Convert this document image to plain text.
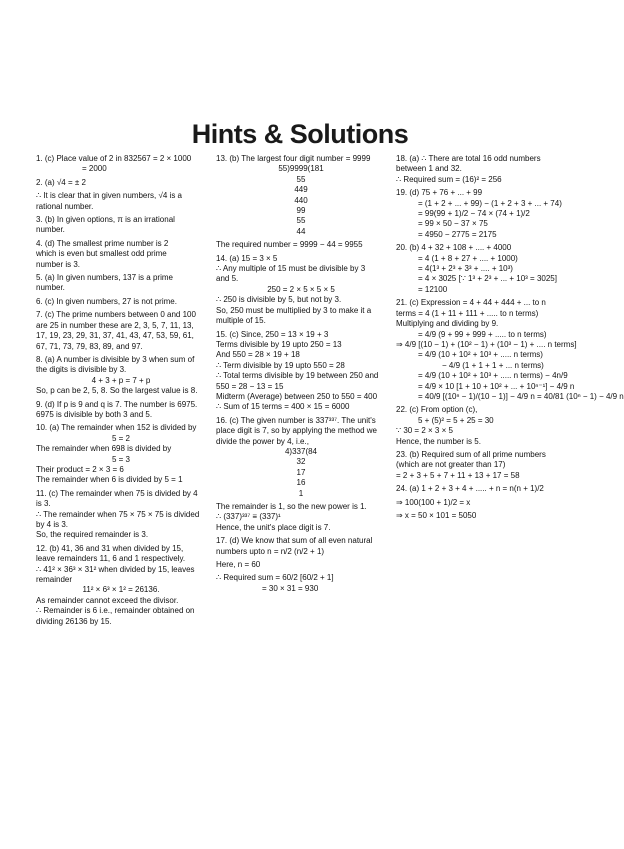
Hints & Solutions
1. (c) Place value of 2 in 832567 = 2 × 1000
= 2000
2. (a) √4 = ± 2
∴ It is clear that in given numbers, √4 is a
rational number.
3. (b) In given options, π is an irrational
number.
4. (d) The smallest prime number is 2
which is even but smallest odd prime
number is 3.
5. (a) In given numbers, 137 is a prime
number.
6. (c) In given numbers, 27 is not prime.
7. (c) The prime numbers between 0 and 100
are 25 in number these are 2, 3, 5, 7, 11, 13,
17, 19, 23, 29, 31, 37, 41, 43, 47, 53, 59, 61,
67, 71, 73, 79, 83, 89, and 97.
8. (a) A number is divisible by 3 when sum of
the digits is divisible by 3.
4 + 3 + p = 7 + p
So, p can be 2, 5, 8. So the largest value is 8.
9. (d) If p is 9 and q is 7. The number is 6975.
6975 is divisible by both 3 and 5.
10. (a) The remainder when 152 is divided by
5 = 2
The remainder when 698 is divided by
5 = 3
Their product = 2 × 3 = 6
The remainder when 6 is divided by 5 = 1
11. (c) The remainder when 75 is divided by 4
is 3.
∴ The remainder when 75 × 75 × 75 is divided
by 4 is 3.
So, the required remainder is 3.
12. (b) 41, 36 and 31 when divided by 15,
leave remainders 11, 6 and 1 respectively.
∴ 41² × 36³ × 31² when divided by 15, leaves
remainder
11² × 6³ × 1² = 26136.
As remainder cannot exceed the divisor.
∴ Remainder is 6 i.e., remainder obtained on
dividing 26136 by 15.
13. (b) The largest four digit number = 9999
55)9999(181
55
449
440
99
55
44
The required number = 9999 − 44 = 9955
14. (a) 15 = 3 × 5
∴ Any multiple of 15 must be divisible by 3
and 5.
250 = 2 × 5 × 5 × 5
∴ 250 is divisible by 5, but not by 3.
So, 250 must be multiplied by 3 to make it a
multiple of 15.
15. (c) Since, 250 = 13 × 19 + 3
Terms divisible by 19 upto 250 = 13
And 550 = 28 × 19 + 18
∴ Term divisible by 19 upto 550 = 28
∴ Total terms divisible by 19 between 250 and
550 = 28 − 13 = 15
Midterm (Average) between 250 to 550 = 400
∴ Sum of 15 terms = 400 × 15 = 6000
16. (c) The given number is 337³³⁷. The unit's
place digit is 7, so by applying the method we
divide the power by 4, i.e.,
4)337(84
32
17
16
1
The remainder is 1, so the new power is 1.
∴ (337)³³⁷ ≡ (337)¹
Hence, the unit's place digit is 7.
17. (d) We know that sum of all even natural
numbers upto n = n/2 (n/2 + 1)
Here, n = 60
∴ Required sum = 60/2 [60/2 + 1]
= 30 × 31 = 930
18. (a) ∴ There are total 16 odd numbers
between 1 and 32.
∴ Required sum = (16)² = 256
19. (d) 75 + 76 + ... + 99
= (1 + 2 + ... + 99) − (1 + 2 + 3 + ... + 74)
= 99(99 + 1)/2 − 74 × (74 + 1)/2
= 99 × 50 − 37 × 75
= 4950 − 2775 = 2175
20. (b) 4 + 32 + 108 + .... + 4000
= 4 (1 + 8 + 27 + .... + 1000)
= 4(1³ + 2³ + 3³ + .... + 10³)
= 4 × 3025 [∵ 1³ + 2³ + ... + 10³ = 3025]
= 12100
21. (c) Expression = 4 + 44 + 444 + ... to n
terms = 4 (1 + 11 + 111 + ..... to n terms)
Multiplying and dividing by 9.
= 4/9 (9 + 99 + 999 + ..... to n terms)
⇒ 4/9 [(10 − 1) + (10² − 1) + (10³ − 1) + .... n terms]
= 4/9 (10 + 10² + 10³ + ..... n terms)
− 4/9 (1 + 1 + 1 + ... n terms)
= 4/9 (10 + 10² + 10³ + ..... n terms) − 4n/9
= 4/9 × 10 [1 + 10 + 10² + ... + 10ⁿ⁻¹] − 4/9 n
= 40/9 [(10ⁿ − 1)/(10 − 1)] − 4/9 n = 40/81 (10ⁿ − 1) − 4/9 n
22. (c) From option (c),
5 + (5)² = 5 + 25 = 30
∵ 30 = 2 × 3 × 5
Hence, the number is 5.
23. (b) Required sum of all prime numbers
(which are not greater than 17)
= 2 + 3 + 5 + 7 + 11 + 13 + 17 = 58
24. (a) 1 + 2 + 3 + 4 + ..... + n = n(n + 1)/2
⇒ 100(100 + 1)/2 = x
⇒ x = 50 × 101 = 5050
